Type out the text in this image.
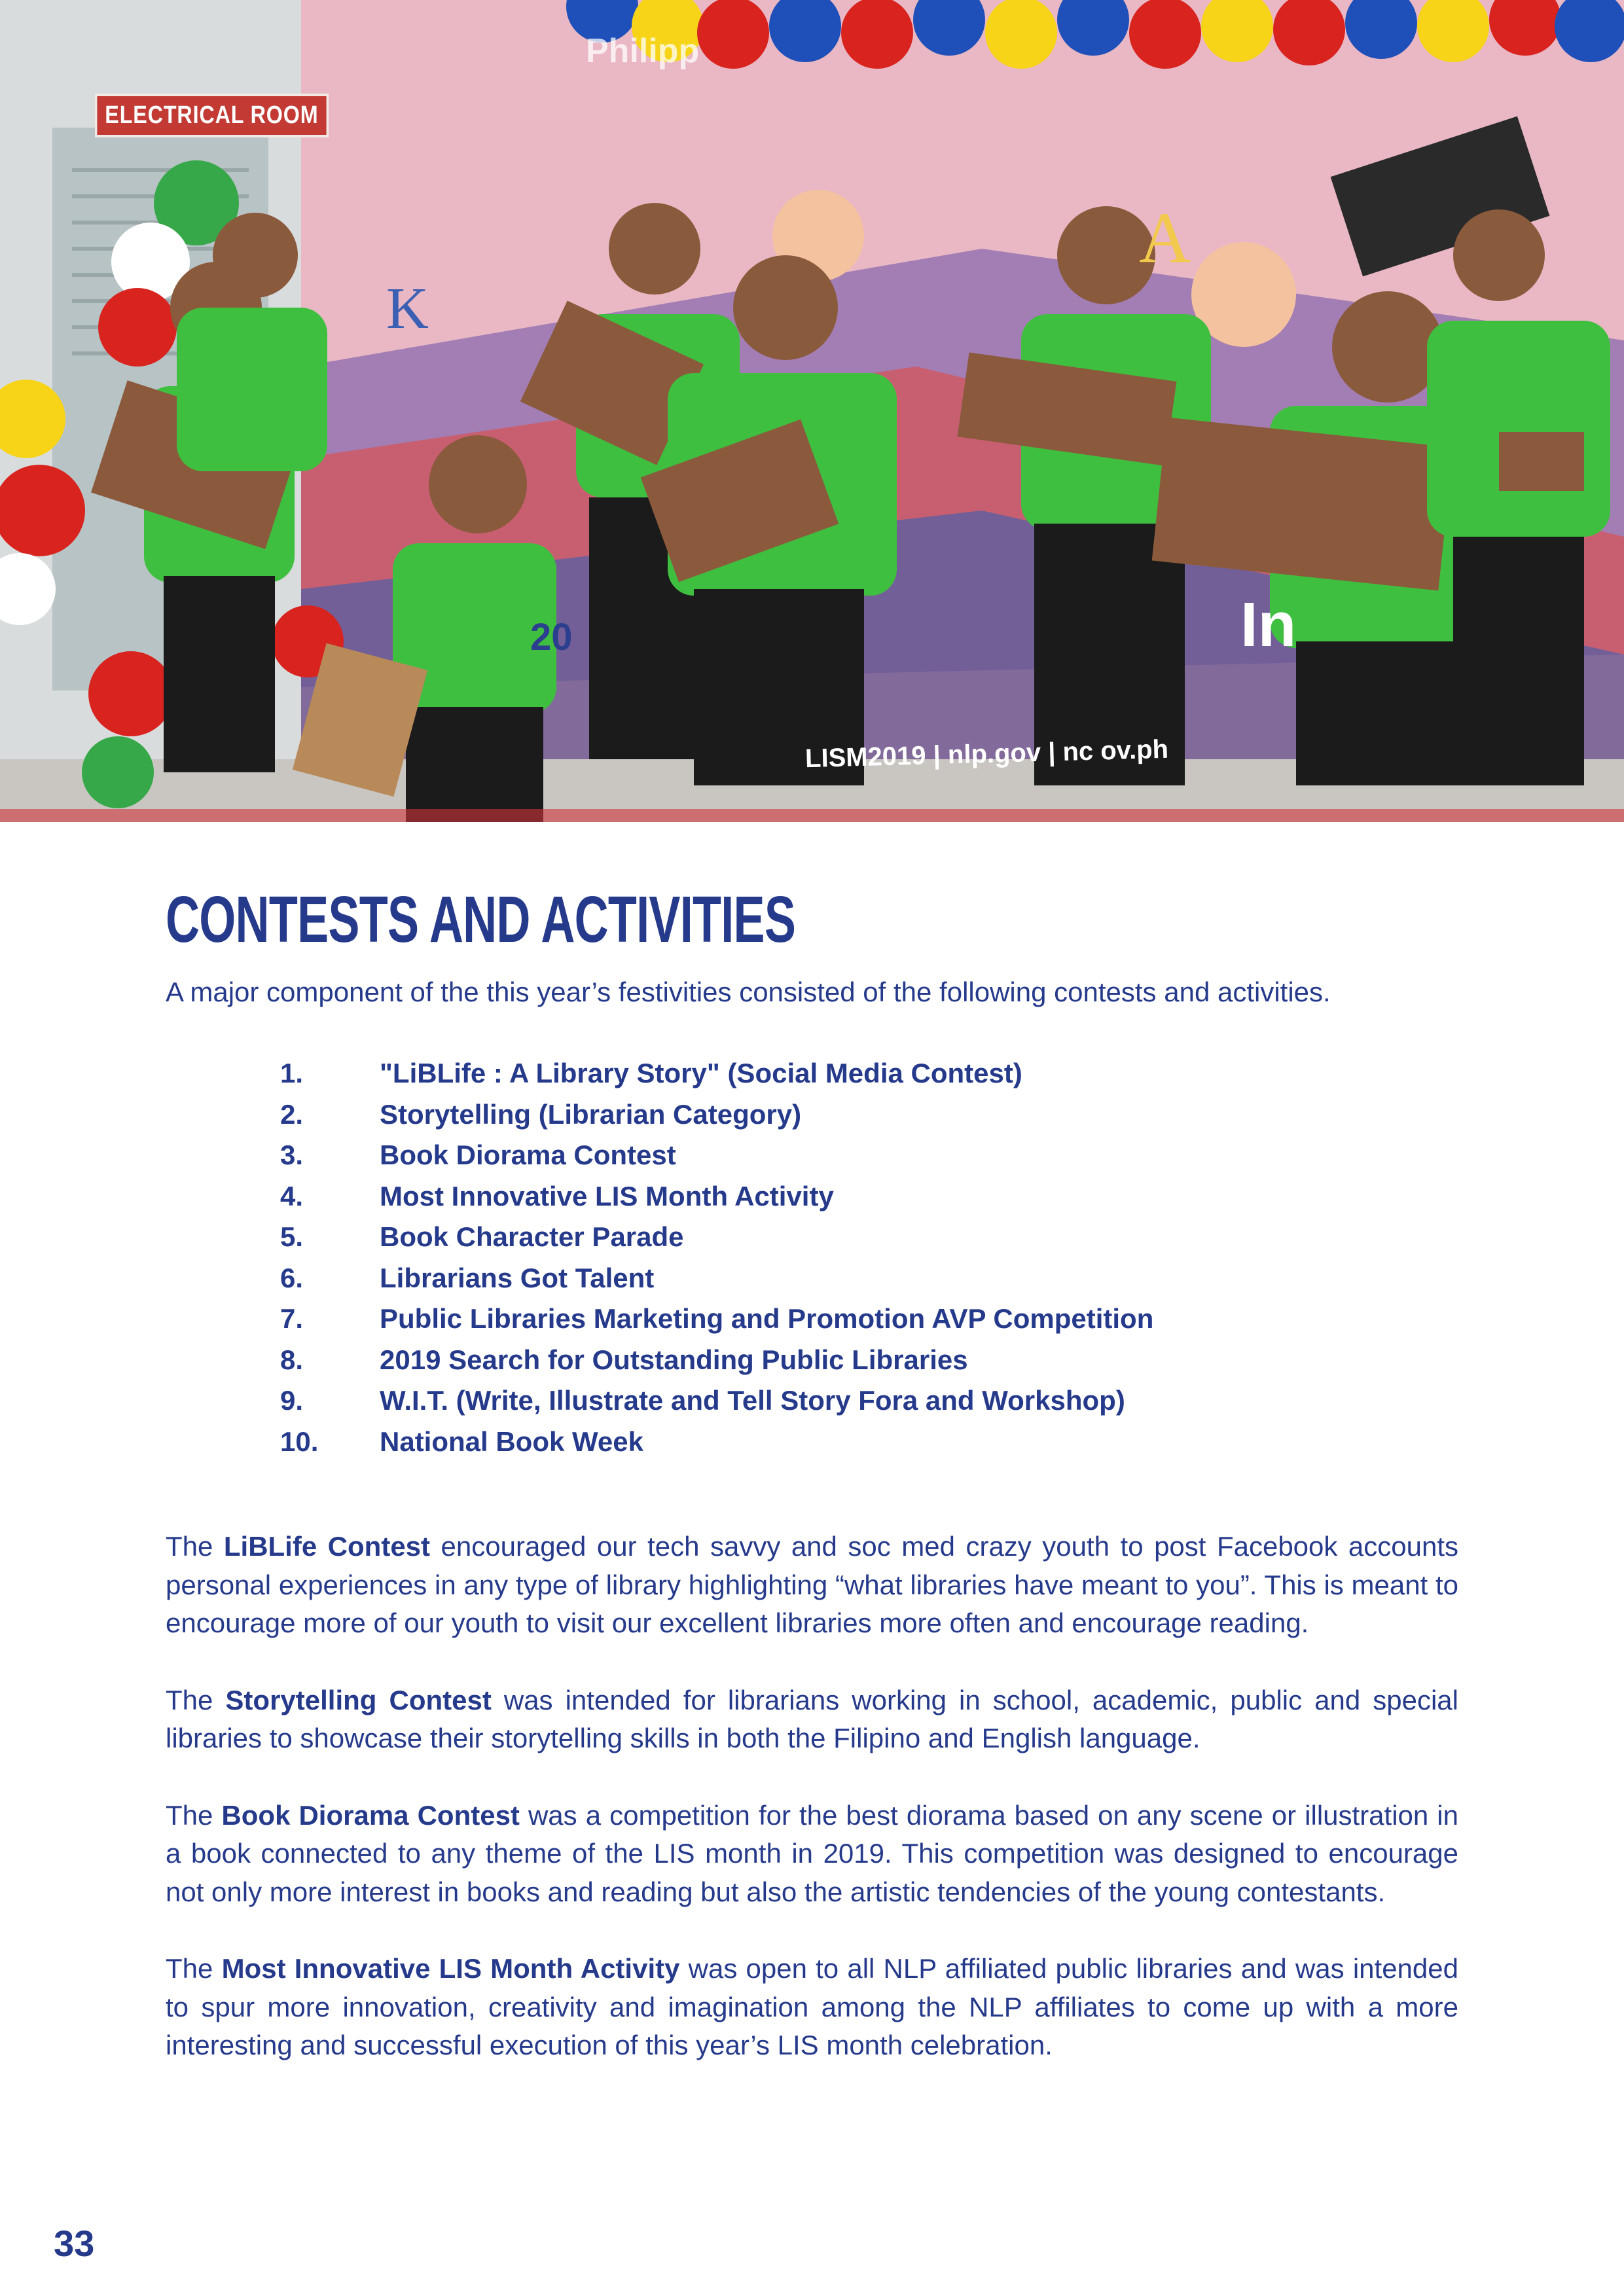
ELECTRICAL ROOM
Philipp
K
A
20	In
LISM2019 | nlp.gov | nc ov.ph
CONTESTS AND ACTIVITIES

A major component of the this year’s festivities consisted of the following contests and activities.

1.	"LiBLife : A Library Story" (Social Media Contest)
2.	Storytelling (Librarian Category)
3.	Book Diorama Contest
4.	Most Innovative LIS Month Activity
5.	Book Character Parade
6.	Librarians Got Talent
7.	Public Libraries Marketing and Promotion AVP Competition
8.	2019 Search for Outstanding Public Libraries
9.	W.I.T. (Write, Illustrate and Tell Story Fora and Workshop)
10.	National Book Week

The LiBLife Contest encouraged our tech savvy and soc med crazy youth to post Facebook accounts personal experiences in any type of library highlighting “what libraries have meant to you”. This is meant to encourage more of our youth to visit our excellent libraries more often and encourage reading.

The Storytelling Contest was intended for librarians working in school, academic, public and special libraries to showcase their storytelling skills in both the Filipino and English language.

The Book Diorama Contest was a competition for the best diorama based on any scene or illustration in a book connected to any theme of the LIS month in 2019. This competition was designed to encourage not only more interest in books and reading but also the artistic tendencies of the young contestants.

The Most Innovative LIS Month Activity was open to all NLP affiliated public libraries and was intended to spur more innovation, creativity and imagination among the NLP affiliates to come up with a more interesting and successful execution of this year’s LIS month celebration.

33
